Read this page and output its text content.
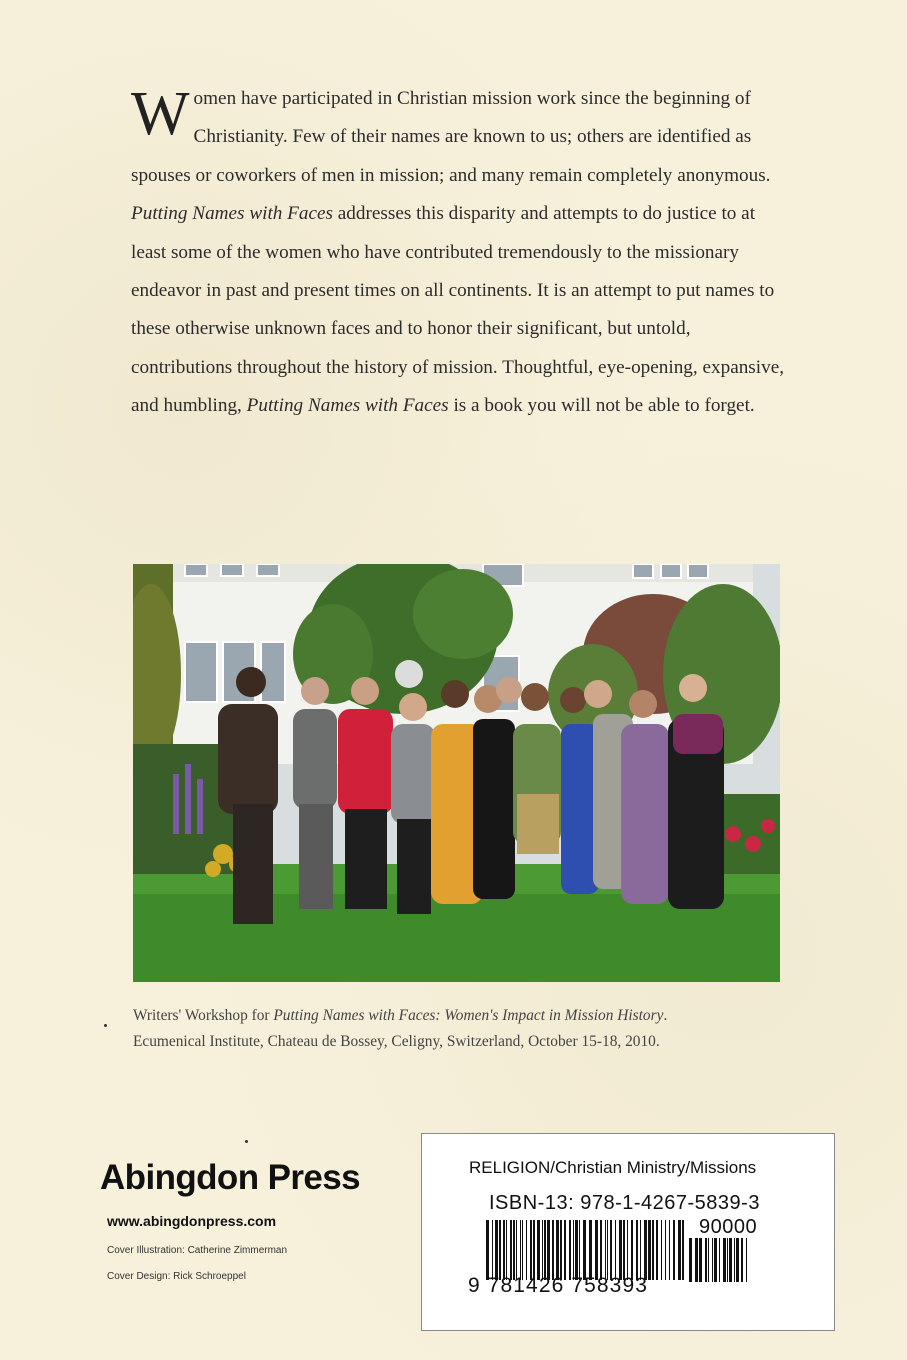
Women have participated in Christian mission work since the beginning of Christianity. Few of their names are known to us; others are identified as spouses or coworkers of men in mission; and many remain completely anonymous. Putting Names with Faces addresses this disparity and attempts to do justice to at least some of the women who have contributed tremendously to the missionary endeavor in past and present times on all continents. It is an attempt to put names to these otherwise unknown faces and to honor their significant, but untold, contributions throughout the history of mission. Thoughtful, eye-opening, expansive, and humbling, Putting Names with Faces is a book you will not be able to forget.
Writers' Workshop for Putting Names with Faces: Women's Impact in Mission History.
Ecumenical Institute, Chateau de Bossey, Celigny, Switzerland, October 15-18, 2010.
Abingdon Press
www.abingdonpress.com
Cover Illustration: Catherine Zimmerman
Cover Design: Rick Schroeppel
RELIGION/Christian Ministry/Missions
ISBN-13: 978-1-4267-5839-3
90000
9 781426 758393
